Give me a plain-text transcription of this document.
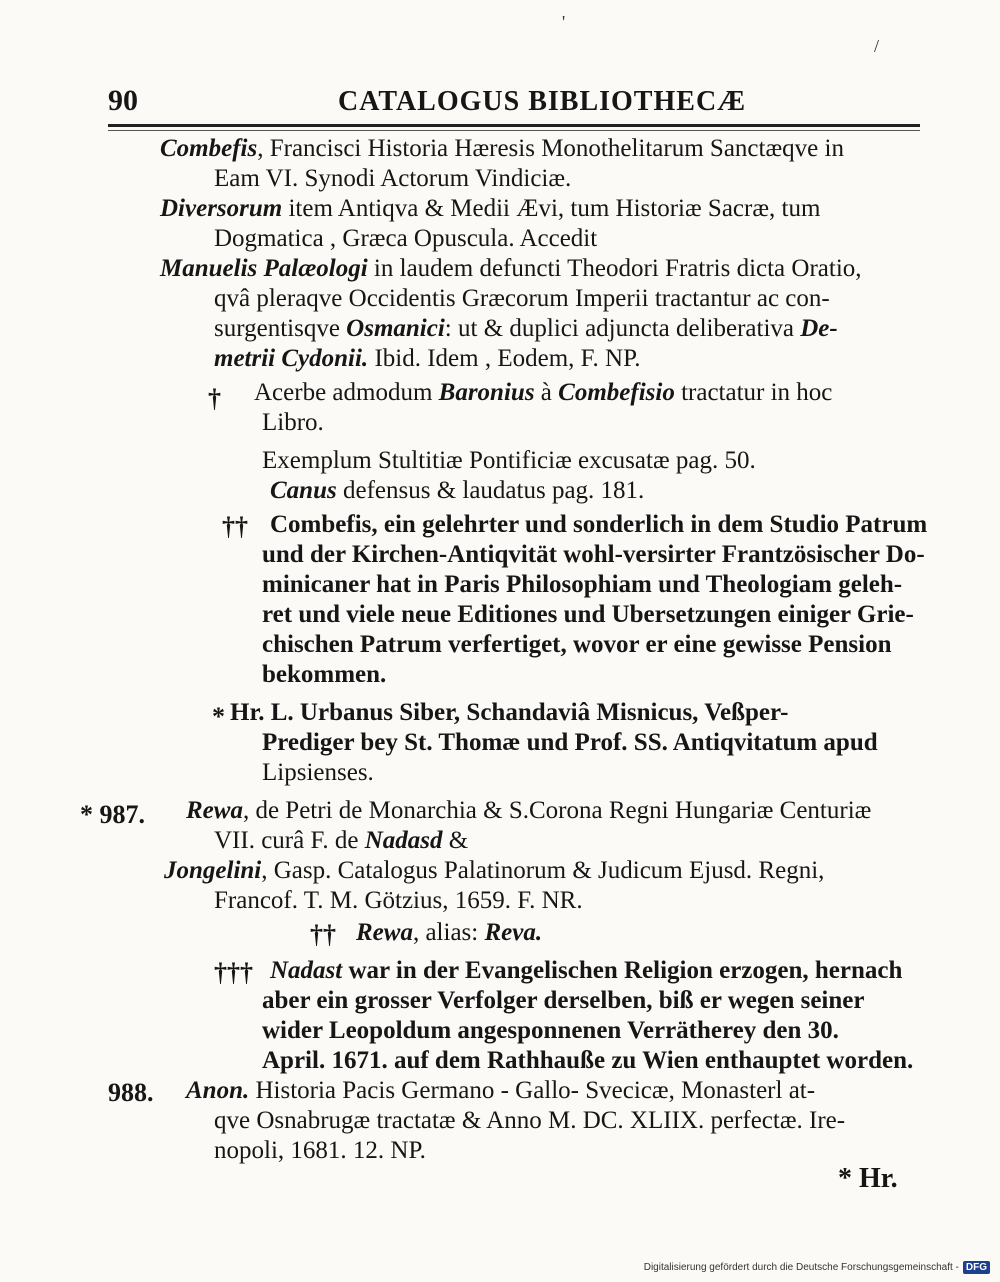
'
/
90	CATALOGUS BIBLIOTHECÆ
Combefis, Francisci Historia Hæresis Monothelitarum Sanctæqve in
Eam VI. Synodi Actorum Vindiciæ.
Diversorum item Antiqva & Medii Ævi, tum Historiæ Sacræ, tum
Dogmatica , Græca Opuscula. Accedit
Manuelis Palæologi in laudem defuncti Theodori Fratris dicta Oratio,
qvâ pleraqve Occidentis Græcorum Imperii tractantur ac con-
surgentisqve Osmanici: ut & duplici adjuncta deliberativa De-
metrii Cydonii. Ibid. Idem , Eodem, F. NP.
† Acerbe admodum Baronius à Combefisio tractatur in hoc
Libro.
Exemplum Stultitiæ Pontificiæ excusatæ pag. 50.
Canus defensus & laudatus pag. 181.
†† Combefis, ein gelehrter und sonderlich in dem Studio Patrum
und der Kirchen-Antiqvität wohl-versirter Frantzösischer Do-
minicaner hat in Paris Philosophiam und Theologiam geleh-
ret und viele neue Editiones und Ubersetzungen einiger Grie-
chischen Patrum verfertiget, wovor er eine gewisse Pension
bekommen.
* Hr. L. Urbanus Siber, Schandaviâ Misnicus, Veßper-
Prediger bey St. Thomæ und Prof. SS. Antiqvitatum apud
Lipsienses.
* 987. Rewa, de Petri de Monarchia & S.Corona Regni Hungariæ Centuriæ
VII. curâ F. de Nadasd &
Jongelini, Gasp. Catalogus Palatinorum & Judicum Ejusd. Regni,
Francof. T. M. Götzius, 1659. F. NR.
†† Rewa, alias: Reva.
††† Nadast war in der Evangelischen Religion erzogen, hernach
aber ein grosser Verfolger derselben, biß er wegen seiner
wider Leopoldum angesponnenen Verrätherey den 30.
April. 1671. auf dem Rathhauße zu Wien enthauptet worden.
988. Anon. Historia Pacis Germano - Gallo- Svecicæ, Monasterl at-
qve Osnabrugæ tractatæ & Anno M. DC. XLIIX. perfectæ. Ire-
nopoli, 1681. 12. NP.
* Hr.
Digitalisierung gefördert durch die Deutsche Forschungsgemeinschaft - DFG
